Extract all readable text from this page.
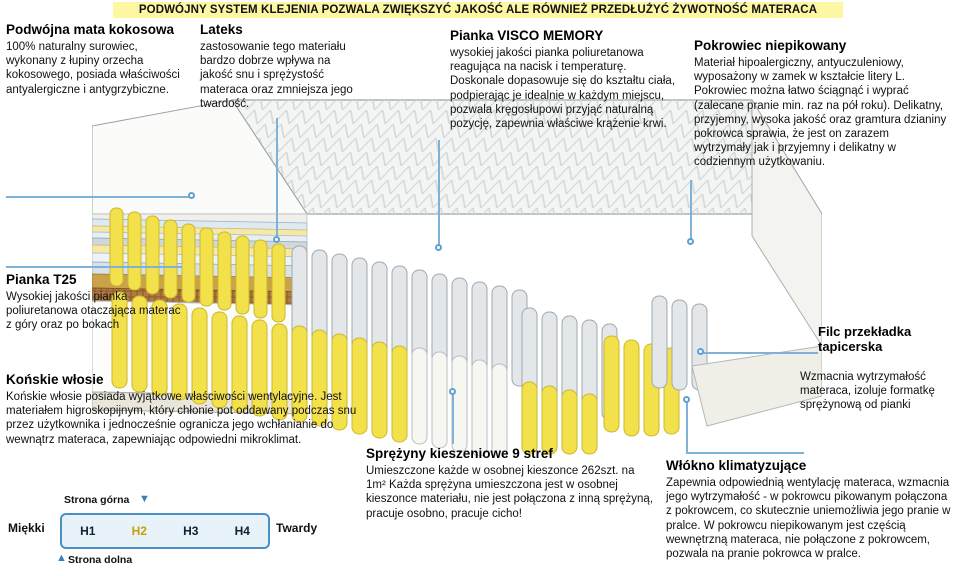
PODWÓJNY SYSTEM KLEJENIA POZWALA ZWIĘKSZYĆ JAKOŚĆ ALE RÓWNIEŻ PRZEDŁUŻYĆ ŻYWOTNOŚĆ MATERACA
Podwójna mata kokosowa
100% naturalny surowiec, wykonany z łupiny orzecha kokosowego, posiada właściwości antyalergiczne i antygrzybiczne.
Lateks
zastosowanie tego materiału bardzo dobrze wpływa na jakość snu i sprężystość materaca oraz zmniejsza jego twardość.
Pianka VISCO MEMORY
wysokiej jakości pianka poliuretanowa reagująca na nacisk i temperaturę. Doskonale dopasowuje się do kształtu ciała, podpierając je idealnie w każdym miejscu, pozwala kręgosłupowi przyjąć naturalną pozycję, zapewnia właściwe krążenie krwi.
Pokrowiec niepikowany
Materiał hipoalergiczny, antyuczuleniowy, wyposażony w zamek w kształcie litery L. Pokrowiec można łatwo ściągnąć i wyprać (zalecane pranie min. raz na pół roku). Delikatny, przyjemny, wysoka jakość oraz gramtura dzianiny pokrowca sprawia, że jest on zarazem wytrzymały jak i przyjemny i delikatny w codziennym użytkowaniu.
Pianka T25
Wysokiej jakości pianka poliuretanowa otaczająca materac z góry oraz po bokach
Końskie włosie
Końskie włosie posiada wyjątkowe właściwości wentylacyjne. Jest materiałem higroskopijnym, który chłonie pot oddawany podczas snu przez użytkownika i jednocześnie ogranicza jego wchłanianie do wewnątrz materaca, zapewniając odpowiedni mikroklimat.
Filc przekładka tapicerska
Wzmacnia wytrzymałość materaca, izoluje formatkę sprężynową od pianki
Sprężyny kieszeniowe 9 stref
Umieszczone każde w osobnej kieszonce 262szt. na 1m² Każda sprężyna umieszczona jest w osobnej kieszonce materiału, nie jest połączona z inną sprężyną, pracuje osobno, pracuje cicho!
Włókno klimatyzujące
Zapewnia odpowiednią wentylację materaca, wzmacnia jego wytrzymałość - w pokrowcu pikowanym połączona z pokrowcem, co skutecznie uniemożliwia jego pranie w pralce. W pokrowcu niepikowanym jest częścią wewnętrzną materaca, nie połączone z pokrowcem, pozwala na pranie pokrowca w pralce.
Strona górna ▼
Miękki	H1	H2	H3	H4	Twardy
▲ Strona dolna
